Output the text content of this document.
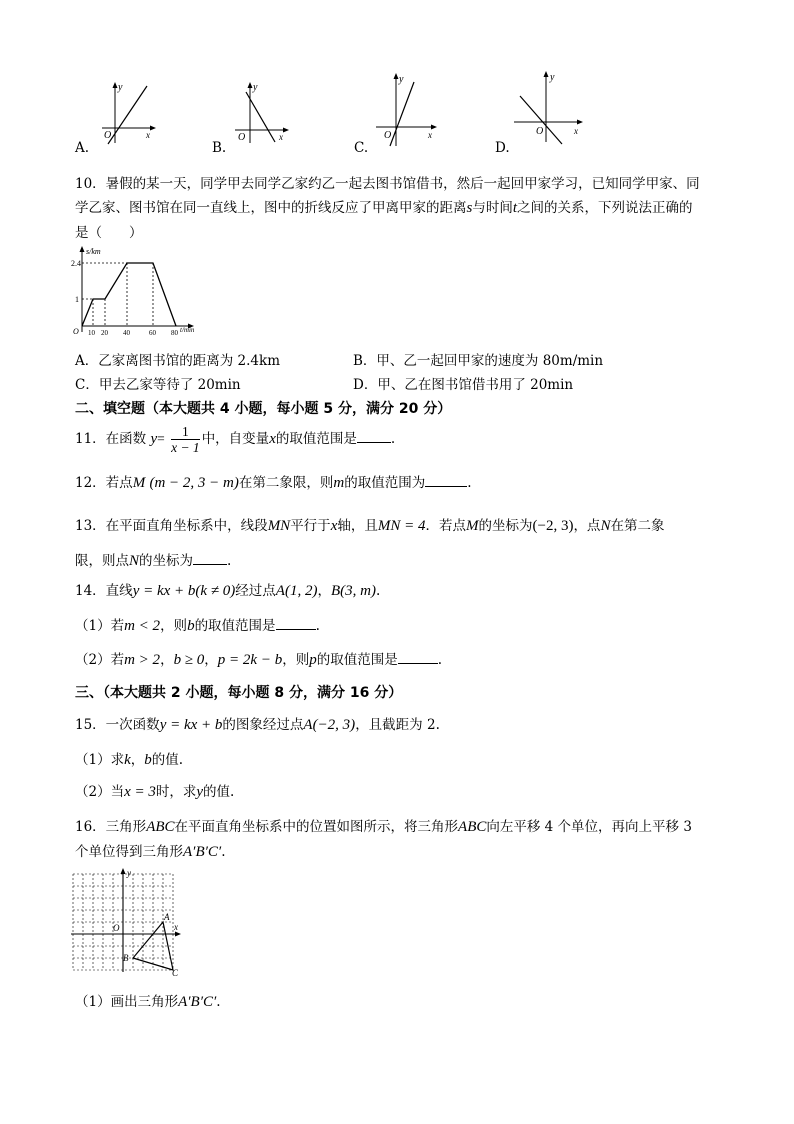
A.
y
x
O
B.
y
x
O
C.
y
x
O
D.
y
x
O
10．暑假的某一天，同学甲去同学乙家约乙一起去图书馆借书，然后一起回甲家学习，已知同学甲家、同
学乙家、图书馆在同一直线上，图中的折线反应了甲离甲家的距离s与时间t之间的关系，下列说法正确的
是（　　）
s/km
t/min
2.4
1
O 10 20 40	60 80
A．乙家离图书馆的距离为 2.4km	B．甲、乙一起回甲家的速度为 80m/min
C．甲去乙家等待了 20min	D．甲、乙在图书馆借书用了 20min
二、填空题（本大题共 4 小题，每小题 5 分，满分 20 分）
11．在函数 $y= \frac{1}{x - 1}$ 中，自变量x的取值范围是	.
12．若点M (m − 2, 3 − m)在第二象限，则m的取值范围为	.
13．在平面直角坐标系中，线段MN平行于x轴，且MN = 4．若点M的坐标为(−2, 3)，点N在第二象
限，则点N的坐标为	.
14．直线y = kx + b(k ≠ 0)经过点A(1, 2)，B(3, m).
（1）若m < 2，则b的取值范围是	.
（2）若m > 2，b ≥ 0，p = 2k − b，则p的取值范围是	.
三、（本大题共 2 小题，每小题 8 分，满分 16 分）
15．一次函数y = kx + b的图象经过点A(−2, 3)，且截距为 2.
（1）求k，b的值.
（2）当x = 3时，求y的值.
16．三角形ABC在平面直角坐标系中的位置如图所示，将三角形ABC向左平移 4 个单位，再向上平移 3
个单位得到三角形A′B′C′.
y
x
O
A
B
C
（1）画出三角形A′B′C′.
